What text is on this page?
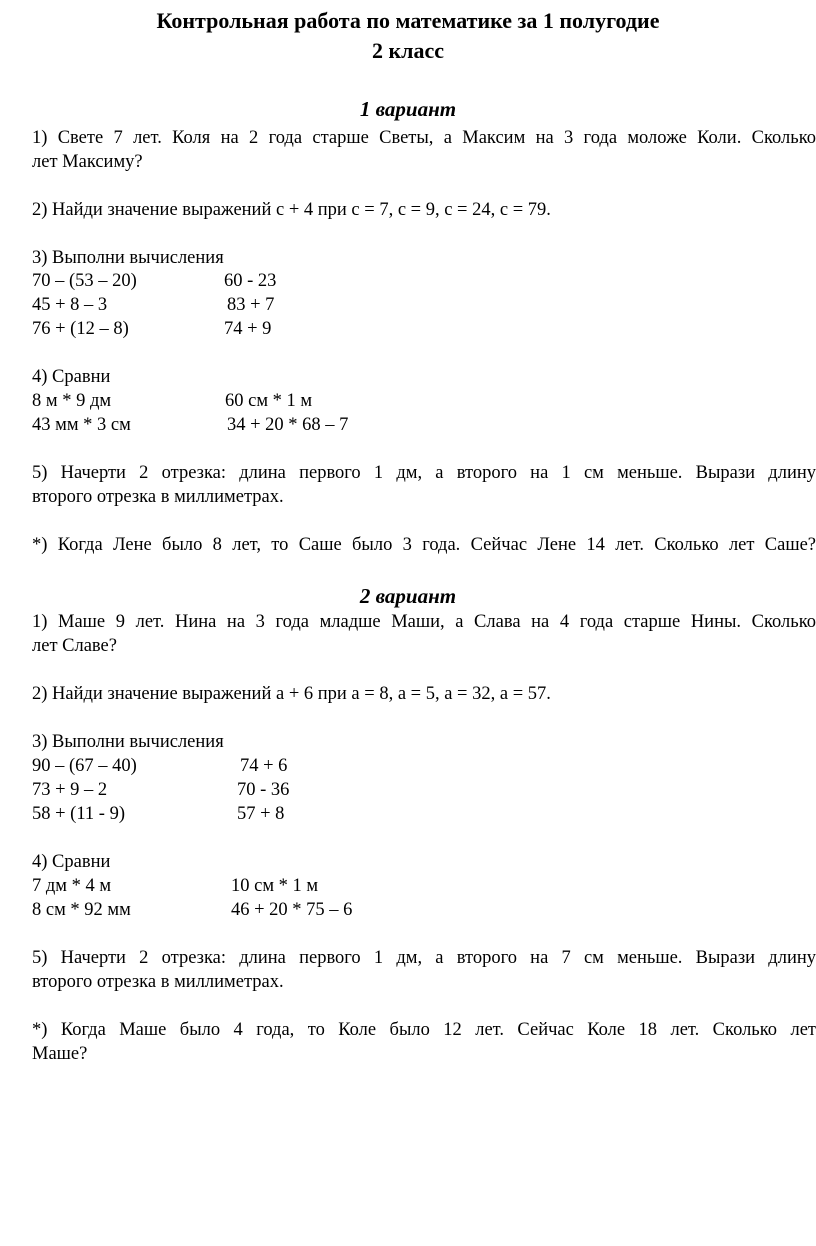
Контрольная работа по математике за 1 полугодие
2 класс
1 вариант
1) Свете 7 лет. Коля на 2 года старше Светы, а Максим на 3 года моложе Коли. Сколько
лет Максиму?
2) Найди значение выражений с + 4 при с = 7, с = 9, с = 24, с = 79.
3) Выполни вычисления
70 – (53 – 20)	60 - 23
45 + 8 – 3	83 + 7
76 + (12 – 8)	74 + 9
4) Сравни
8 м * 9 дм	60 см * 1 м
43 мм * 3 см	34 + 20 * 68 – 7
5) Начерти 2 отрезка: длина первого 1 дм, а второго на 1 см меньше. Вырази длину
второго отрезка в миллиметрах.
*) Когда Лене было 8 лет, то Саше было 3 года. Сейчас Лене 14 лет. Сколько лет Саше?
2 вариант
1) Маше 9 лет. Нина на 3 года младше Маши, а Слава на 4 года старше Нины. Сколько
лет Славе?
2) Найди значение выражений а + 6 при а = 8, а = 5, а = 32, а = 57.
3) Выполни вычисления
90 – (67 – 40)	74 + 6
73 + 9 – 2	70 - 36
58 + (11 - 9)	57 + 8
4) Сравни
7 дм * 4 м	10 см * 1 м
8 см * 92 мм	46 + 20 * 75 – 6
5) Начерти 2 отрезка: длина первого 1 дм, а второго на 7 см меньше. Вырази длину
второго отрезка в миллиметрах.
*) Когда Маше было 4 года, то Коле было 12 лет. Сейчас Коле 18 лет. Сколько лет
Маше?
